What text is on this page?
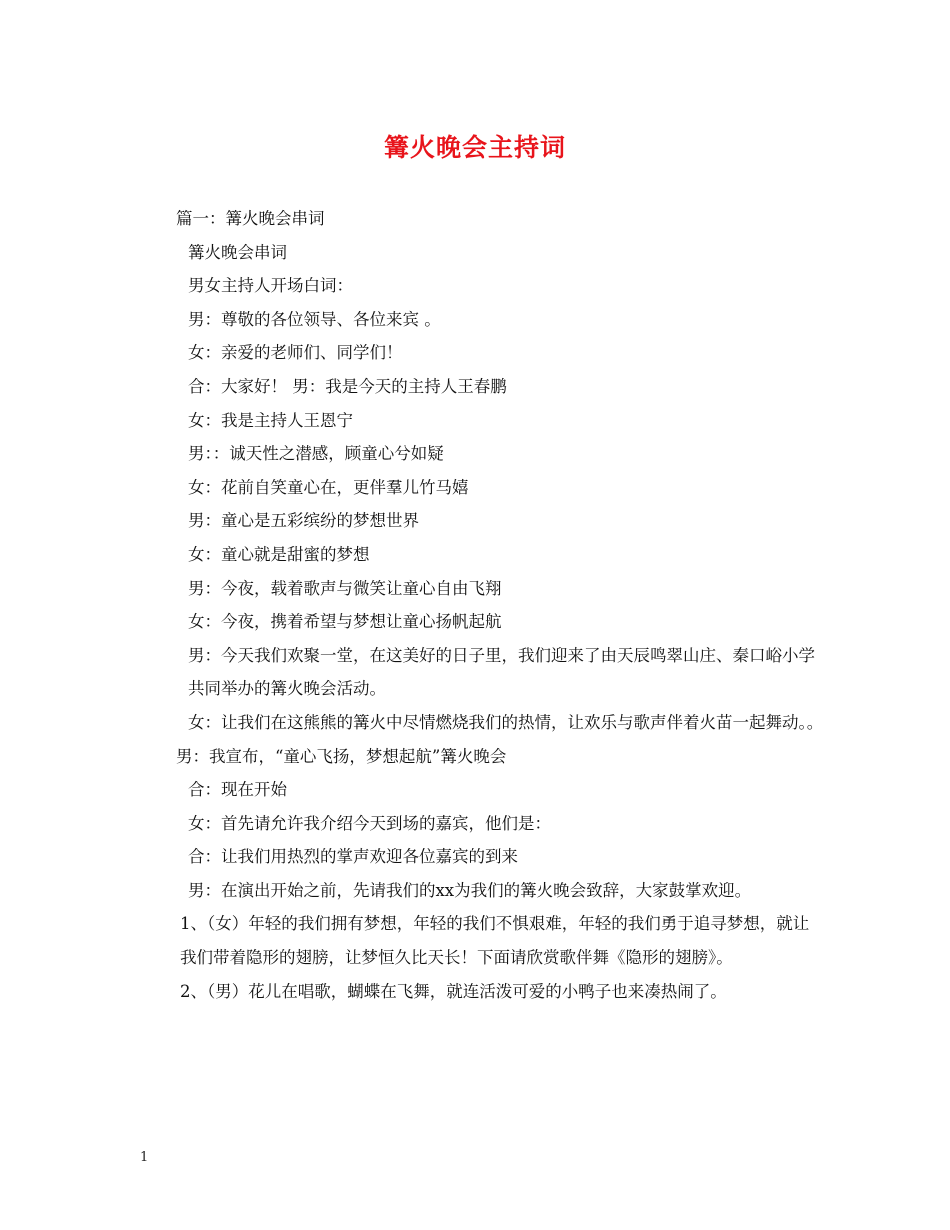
篝火晚会主持词

篇一：篝火晚会串词

篝火晚会串词

男女主持人开场白词：

男：尊敬的各位领导、各位来宾 。

女：亲爱的老师们、同学们！

合：大家好！ 男：我是今天的主持人王春鹏

女：我是主持人王恩宁

男：：诚天性之潜感，顾童心兮如疑

女：花前自笑童心在，更伴羣儿竹马嬉

男：童心是五彩缤纷的梦想世界

女：童心就是甜蜜的梦想

男：今夜，载着歌声与微笑让童心自由飞翔

女：今夜，携着希望与梦想让童心扬帆起航

男：今天我们欢聚一堂，在这美好的日子里，我们迎来了由天辰鸣翠山庄、秦口峪小学共同举办的篝火晚会活动。

女：让我们在这熊熊的篝火中尽情燃烧我们的热情，让欢乐与歌声伴着火苗一起舞动。。

男：我宣布，“童心飞扬，梦想起航”篝火晚会

合：现在开始

女：首先请允许我介绍今天到场的嘉宾，他们是：

合：让我们用热烈的掌声欢迎各位嘉宾的到来

男：在演出开始之前，先请我们的xx为我们的篝火晚会致辞，大家鼓掌欢迎。

1、（女）年轻的我们拥有梦想，年轻的我们不惧艰难，年轻的我们勇于追寻梦想，就让我们带着隐形的翅膀，让梦恒久比天长！下面请欣赏歌伴舞《隐形的翅膀》。

2、（男）花儿在唱歌，蝴蝶在飞舞，就连活泼可爱的小鸭子也来凑热闹了。

1
